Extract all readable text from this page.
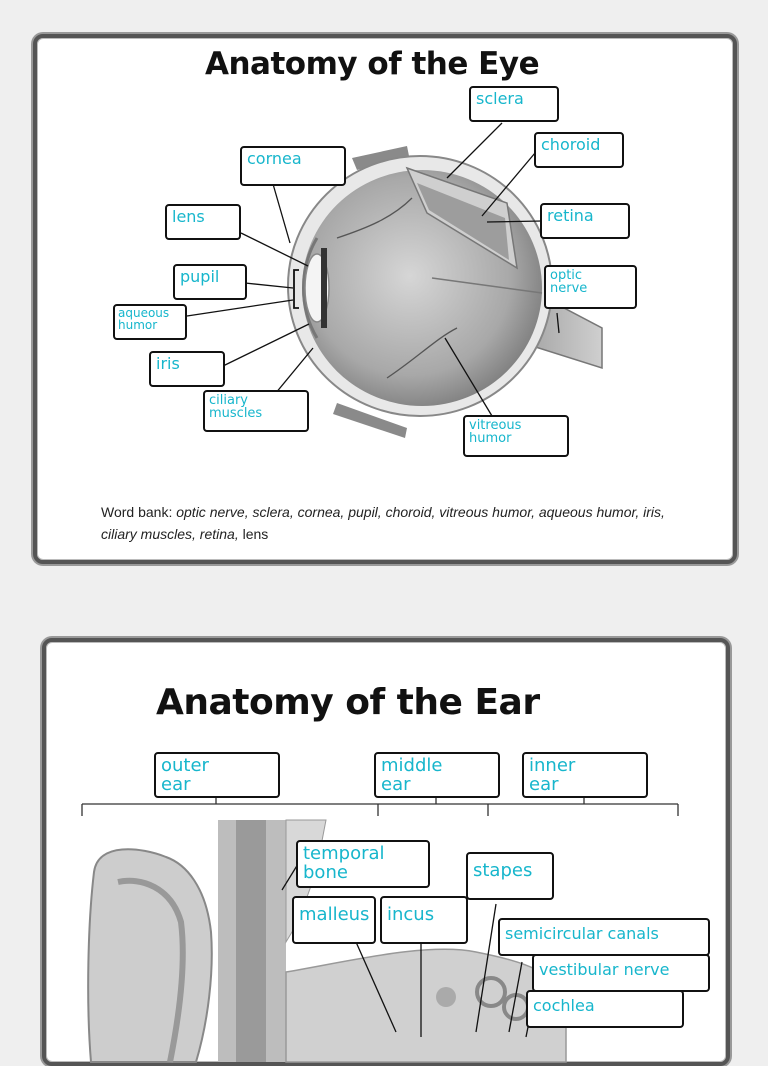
Anatomy of the Eye
sclera
choroid
cornea
retina
lens
optic
nerve
pupil
aqueous
humor
iris
ciliary
muscles
vitreous
humor
Word bank: optic nerve, sclera, cornea, pupil, choroid, vitreous humor, aqueous humor, iris, ciliary muscles, retina, lens
Anatomy of the Ear
outer
ear
middle
ear
inner
ear
temporal
bone	stapes
malleus incus
semicircular canals
vestibular nerve
cochlea
